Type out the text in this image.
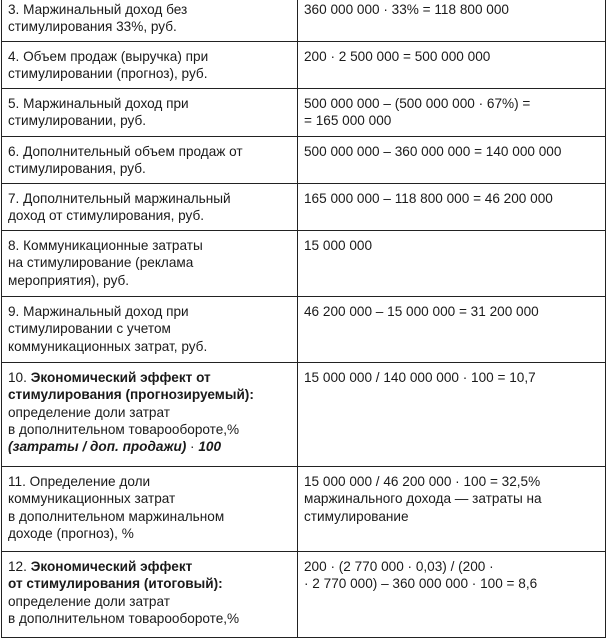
3. Маржинальный доход без
стимулирования 33%, руб.	360 000 000 · 33% = 118 800 000

4. Объем продаж (выручка) при
стимулировании (прогноз), руб.	200 · 2 500 000 = 500 000 000

5. Маржинальный доход при
стимулировании, руб.	500 000 000 – (500 000 000 · 67%) =
= 165 000 000

6. Дополнительный объем продаж от
стимулирования, руб.	500 000 000 – 360 000 000 = 140 000 000

7. Дополнительный маржинальный
доход от стимулирования, руб.	165 000 000 – 118 800 000 = 46 200 000

8. Коммуникационные затраты
на стимулирование (реклама
мероприятия), руб.	15 000 000

9. Маржинальный доход при
стимулировании с учетом
коммуникационных затрат, руб.	46 200 000 – 15 000 000 = 31 200 000

10. Экономический эффект от
стимулирования (прогнозируемый):
определение доли затрат
в дополнительном товарообороте,%
(затраты / доп. продажи) · 100	15 000 000 / 140 000 000 · 100 = 10,7

11. Определение доли
коммуникационных затрат
в дополнительном маржинальном
доходе (прогноз), %	15 000 000 / 46 200 000 · 100 = 32,5%
маржинального дохода — затраты на
стимулирование

12. Экономический эффект
от стимулирования (итоговый):
определение доли затрат
в дополнительном товарообороте,%	200 · (2 770 000 · 0,03) / (200 ·
· 2 770 000) – 360 000 000 · 100 = 8,6
